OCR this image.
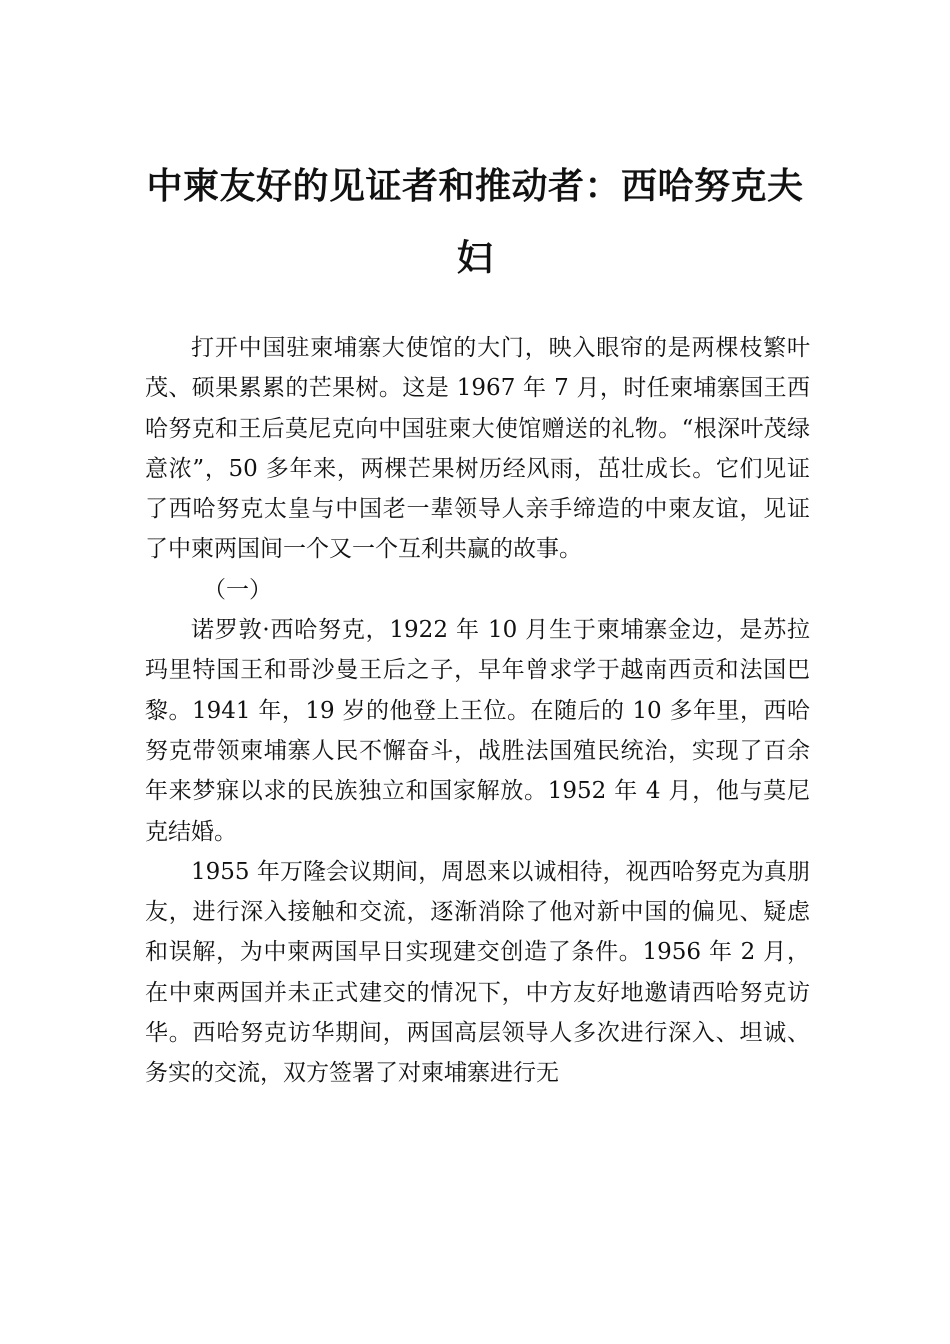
中柬友好的见证者和推动者：西哈努克夫妇

打开中国驻柬埔寨大使馆的大门，映入眼帘的是两棵枝繁叶茂、硕果累累的芒果树。这是 1967 年 7 月，时任柬埔寨国王西哈努克和王后莫尼克向中国驻柬大使馆赠送的礼物。“根深叶茂绿意浓”，50 多年来，两棵芒果树历经风雨，茁壮成长。它们见证了西哈努克太皇与中国老一辈领导人亲手缔造的中柬友谊，见证了中柬两国间一个又一个互利共赢的故事。

（一）

诺罗敦·西哈努克，1922 年 10 月生于柬埔寨金边，是苏拉玛里特国王和哥沙曼王后之子，早年曾求学于越南西贡和法国巴黎。1941 年，19 岁的他登上王位。在随后的 10 多年里，西哈努克带领柬埔寨人民不懈奋斗，战胜法国殖民统治，实现了百余年来梦寐以求的民族独立和国家解放。1952 年 4 月，他与莫尼克结婚。

1955 年万隆会议期间，周恩来以诚相待，视西哈努克为真朋友，进行深入接触和交流，逐渐消除了他对新中国的偏见、疑虑和误解，为中柬两国早日实现建交创造了条件。1956 年 2 月，在中柬两国并未正式建交的情况下，中方友好地邀请西哈努克访华。西哈努克访华期间，两国高层领导人多次进行深入、坦诚、务实的交流，双方签署了对柬埔寨进行无
